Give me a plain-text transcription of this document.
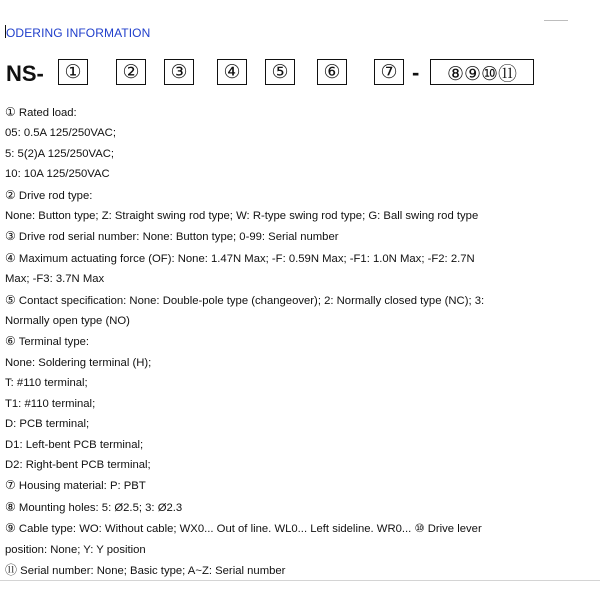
ODERING INFORMATION
NS-	①	②	③	④	⑤	⑥	⑦ -	⑧⑨⑩⑪
① Rated load:
05: 0.5A 125/250VAC;
5: 5(2)A 125/250VAC;
10: 10A 125/250VAC
② Drive rod type:
None: Button type; Z: Straight swing rod type; W: R-type swing rod type; G: Ball swing rod type
③ Drive rod serial number: None: Button type; 0-99: Serial number
④ Maximum actuating force (OF): None: 1.47N Max; -F: 0.59N Max; -F1: 1.0N Max; -F2: 2.7N
Max; -F3: 3.7N Max
⑤ Contact specification: None: Double-pole type (changeover); 2: Normally closed type (NC); 3:
Normally open type (NO)
⑥ Terminal type:
None: Soldering terminal (H);
T: #110 terminal;
T1: #110 terminal;
D: PCB terminal;
D1: Left-bent PCB terminal;
D2: Right-bent PCB terminal;
⑦ Housing material: P: PBT
⑧ Mounting holes: 5: Ø2.5; 3: Ø2.3
⑨ Cable type: WO: Without cable; WX0... Out of line. WL0... Left sideline. WR0... ⑩ Drive lever
position: None; Y: Y position
⑪ Serial number: None; Basic type; A~Z: Serial number
